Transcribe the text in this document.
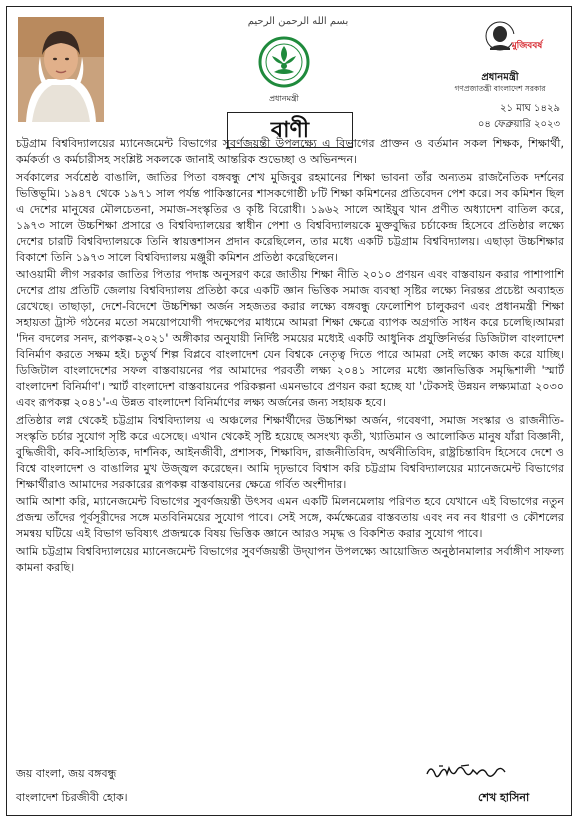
بسم الله الرحمن الرحيم
প্রধানমন্ত্রী
বাণী
মুজিববর্ষ
প্রধানমন্ত্রী
গণপ্রজাতন্ত্রী বাংলাদেশ সরকার
২১ মাঘ ১৪২৯
০৪ ফেব্রুয়ারি ২০২৩

চট্টগ্রাম বিশ্ববিদ্যালয়ের ম্যানেজমেন্ট বিভাগের সুবর্ণজয়ন্তী উপলক্ষ্যে এ বিভাগের প্রাক্তন ও বর্তমান সকল শিক্ষক, শিক্ষার্থী, কর্মকর্তা ও কর্মচারীসহ সংশ্লিষ্ট সকলকে জানাই আন্তরিক শুভেচ্ছা ও অভিনন্দন।

সর্বকালের সর্বশ্রেষ্ঠ বাঙালি, জাতির পিতা বঙ্গবন্ধু শেখ মুজিবুর রহমানের শিক্ষা ভাবনা তাঁর অন্যতম রাজনৈতিক দর্শনের ভিত্তিভূমি। ১৯৪৭ থেকে ১৯৭১ সাল পর্যন্ত পাকিস্তানের শাসকগোষ্ঠী ৮টি শিক্ষা কমিশনের প্রতিবেদন পেশ করে। সব কমিশন ছিল এ দেশের মানুষের মৌলচেতনা, সমাজ-সংস্কৃতির ও কৃষ্টি বিরোধী। ১৯৬২ সালে আইয়ুব খান প্রণীত অধ্যাদেশ বাতিল করে, ১৯৭৩ সালে উচ্চশিক্ষা প্রসারে ও বিশ্ববিদ্যালয়ের স্বাধীন পেশা ও বিশ্ববিদ্যালয়কে মুক্তবুদ্ধির চর্চাকেন্দ্র হিসেবে প্রতিষ্ঠার লক্ষ্যে দেশের চারটি বিশ্ববিদ্যালয়কে তিনি স্বায়ত্তশাসন প্রদান করেছিলেন, তার মধ্যে একটি চট্টগ্রাম বিশ্ববিদ্যালয়। এছাড়া উচ্চশিক্ষার বিকাশে তিনি ১৯৭৩ সালে বিশ্ববিদ্যালয় মঞ্জুরী কমিশন প্রতিষ্ঠা করেছিলেন।

আওয়ামী লীগ সরকার জাতির পিতার পদাঙ্ক অনুসরণ করে জাতীয় শিক্ষা নীতি ২০১০ প্রণয়ন এবং বাস্তবায়ন করার পাশাপাশি দেশের প্রায় প্রতিটি জেলায় বিশ্ববিদ্যালয় প্রতিষ্ঠা করে একটি জ্ঞান ভিত্তিক সমাজ ব্যবস্থা সৃষ্টির লক্ষ্যে নিরন্তর প্রচেষ্টা অব্যাহত রেখেছে। তাছাড়া, দেশে-বিদেশে উচ্চশিক্ষা অর্জন সহজতর করার লক্ষ্যে বঙ্গবন্ধু ফেলোশিপ চালুকরণ এবং প্রধানমন্ত্রী শিক্ষা সহায়তা ট্রাস্ট গঠনের মতো সময়োপযোগী পদক্ষেপের মাধ্যমে আমরা শিক্ষা ক্ষেত্রে ব্যাপক অগ্রগতি সাধন করে চলেছি।আমরা 'দিন বদলের সনদ, রূপকল্প-২০২১' অঙ্গীকার অনুযায়ী নির্দিষ্ট সময়ের মধ্যেই একটি আধুনিক প্রযুক্তিনির্ভর ডিজিটাল বাংলাদেশ বিনির্মাণ করতে সক্ষম হই। চতুর্থ শিল্প বিপ্লবে বাংলাদেশ যেন বিশ্বকে নেতৃত্ব দিতে পারে আমরা সেই লক্ষ্যে কাজ করে যাচ্ছি। ডিজিটাল বাংলাদেশের সফল বাস্তবায়নের পর আমাদের পরবর্তী লক্ষ্য ২০৪১ সালের মধ্যে জ্ঞানভিত্তিক সমৃদ্ধিশালী 'স্মার্ট বাংলাদেশ বিনির্মাণ'। স্মার্ট বাংলাদেশ বাস্তবায়নের পরিকল্পনা এমনভাবে প্রণয়ন করা হচ্ছে যা 'টেকসই উন্নয়ন লক্ষ্যমাত্রা ২০৩০ এবং রূপকল্প ২০৪১'-এ উন্নত বাংলাদেশ বিনির্মাণের লক্ষ্য অর্জনের জন্য সহায়ক হবে।

প্রতিষ্ঠার লগ্ন থেকেই চট্টগ্রাম বিশ্ববিদ্যালয় এ অঞ্চলের শিক্ষার্থীদের উচ্চশিক্ষা অর্জন, গবেষণা, সমাজ সংস্কার ও রাজনীতি-সংস্কৃতি চর্চার সুযোগ সৃষ্টি করে এসেছে। এখান থেকেই সৃষ্টি হয়েছে অসংখ্য কৃতী, খ্যাতিমান ও আলোকিত মানুষ যাঁরা বিজ্ঞানী, বুদ্ধিজীবী, কবি-সাহিত্যিক, দার্শনিক, আইনজীবী, প্রশাসক, শিক্ষাবিদ, রাজনীতিবিদ, অর্থনীতিবিদ, রাষ্ট্রচিন্তাবিদ হিসেবে দেশে ও বিশ্বে বাংলাদেশ ও বাঙালির মুখ উজ্জ্বল করেছেন। আমি দৃঢ়ভাবে বিশ্বাস করি চট্টগ্রাম বিশ্ববিদ্যালয়ের ম্যানেজমেন্ট বিভাগের শিক্ষার্থীরাও আমাদের সরকারের রূপকল্প বাস্তবায়নের ক্ষেত্রে গর্বিত অংশীদার।

আমি আশা করি, ম্যানেজমেন্ট বিভাগের সুবর্ণজয়ন্তী উৎসব এমন একটি মিলনমেলায় পরিণত হবে যেখানে এই বিভাগের নতুন প্রজন্ম তাঁদের পূর্বসূরীদের সঙ্গে মতবিনিময়ের সুযোগ পাবে। সেই সঙ্গে, কর্মক্ষেত্রের বাস্তবতায় এবং নব নব ধারণা ও কৌশলের সমন্বয় ঘটিয়ে এই বিভাগ ভবিষ্যৎ প্রজন্মকে বিষয় ভিত্তিক জ্ঞানে আরও সমৃদ্ধ ও বিকশিত করার সুযোগ পাবে।

আমি চট্টগ্রাম বিশ্ববিদ্যালয়ের ম্যানেজমেন্ট বিভাগের সুবর্ণজয়ন্তী উদ্‌যাপন উপলক্ষ্যে আয়োজিত অনুষ্ঠানমালার সর্বাঙ্গীণ সাফল্য কামনা করছি।

জয় বাংলা, জয় বঙ্গবন্ধু
বাংলাদেশ চিরজীবী হোক।	শেখ হাসিনা
